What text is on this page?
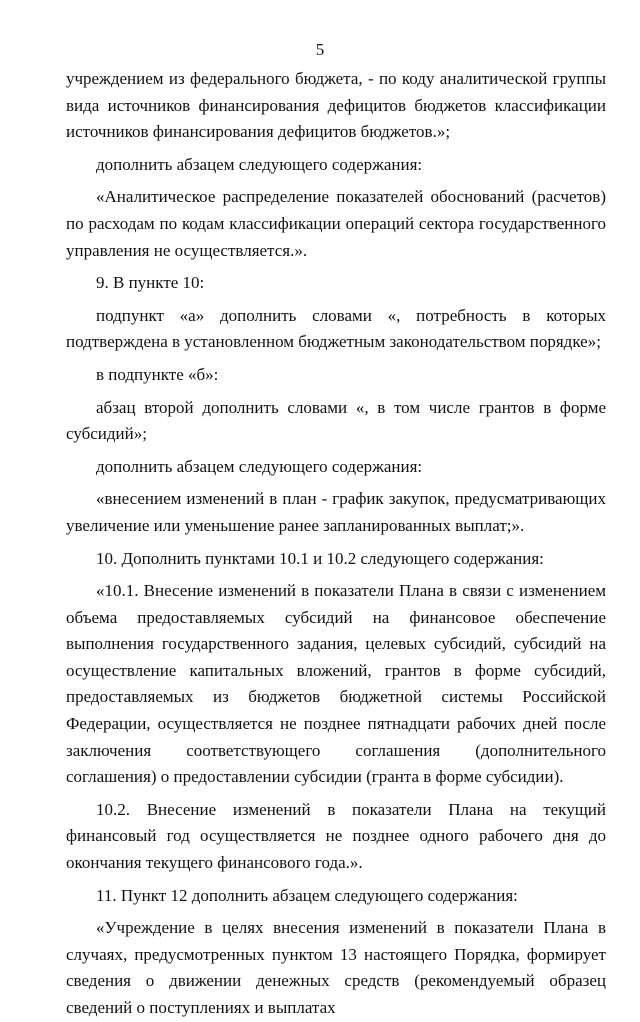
5

учреждением из федерального бюджета, - по коду аналитической группы вида источников финансирования дефицитов бюджетов классификации источников финансирования дефицитов бюджетов.»;

дополнить абзацем следующего содержания:

«Аналитическое распределение показателей обоснований (расчетов) по расходам по кодам классификации операций сектора государственного управления не осуществляется.».

9. В пункте 10:

подпункт «а» дополнить словами «, потребность в которых подтверждена в установленном бюджетным законодательством порядке»;

в подпункте «б»:

абзац второй дополнить словами «, в том числе грантов в форме субсидий»;

дополнить абзацем следующего содержания:

«внесением изменений в план - график закупок, предусматривающих увеличение или уменьшение ранее запланированных выплат;».

10. Дополнить пунктами 10.1 и 10.2 следующего содержания:

«10.1. Внесение изменений в показатели Плана в связи с изменением объема предоставляемых субсидий на финансовое обеспечение выполнения государственного задания, целевых субсидий, субсидий на осуществление капитальных вложений, грантов в форме субсидий, предоставляемых из бюджетов бюджетной системы Российской Федерации, осуществляется не позднее пятнадцати рабочих дней после заключения соответствующего соглашения (дополнительного соглашения) о предоставлении субсидии (гранта в форме субсидии).

10.2. Внесение изменений в показатели Плана на текущий финансовый год осуществляется не позднее одного рабочего дня до окончания текущего финансового года.».

11. Пункт 12 дополнить абзацем следующего содержания:

«Учреждение в целях внесения изменений в показатели Плана в случаях, предусмотренных пунктом 13 настоящего Порядка, формирует сведения о движении денежных средств (рекомендуемый образец сведений о поступлениях и выплатах
